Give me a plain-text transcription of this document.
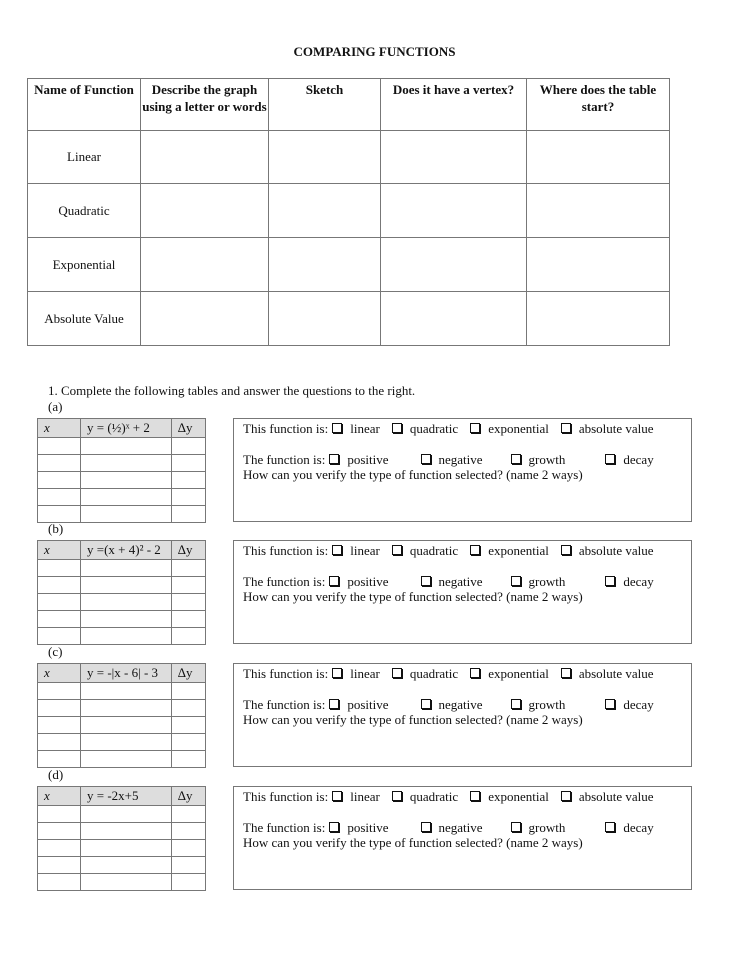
COMPARING FUNCTIONS
Name of Function	Describe the graph using a letter or words	Sketch	Does it have a vertex?	Where does the table start?
Linear				
Quadratic				
Exponential				
Absolute Value				
1. Complete the following tables and answer the questions to the right.
(a)
x	y = (½)ˣ + 2	∆y

			This function is: linear quadratic exponential absolute value
The function is: positive	negative	growth	decay
How can you verify the type of function selected? (name 2 ways)
(b)
x	y =(x + 4)² - 2	∆y

			This function is: linear quadratic exponential absolute value
The function is: positive	negative	growth	decay
How can you verify the type of function selected? (name 2 ways)
(c)
x	y = -|x - 6| - 3	∆y

			This function is: linear quadratic exponential absolute value
The function is: positive	negative	growth	decay
How can you verify the type of function selected? (name 2 ways)
(d)
x	y = -2x+5	∆y

			This function is: linear quadratic exponential absolute value
The function is: positive	negative	growth	decay
How can you verify the type of function selected? (name 2 ways)
